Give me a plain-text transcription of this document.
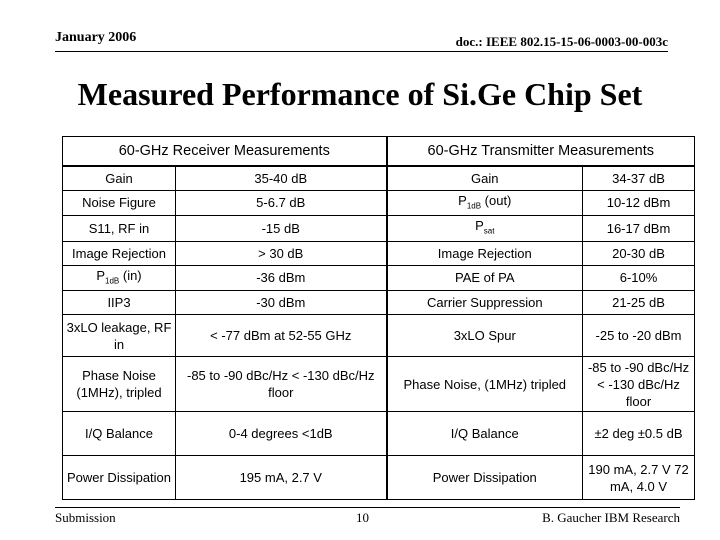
January 2006	doc.: IEEE 802.15-15-06-0003-00-003c
Measured Performance of Si.Ge Chip Set
60-GHz Receiver Measurements		60-GHz Transmitter Measurements	
Gain	35-40 dB	Gain	34-37 dB
Noise Figure	5-6.7 dB	$P_{1dB}$ (out)	10-12 dBm
S11, RF in	-15 dB	$P_{sat}$	16-17 dBm
Image Rejection	> 30 dB	Image Rejection	20-30 dB
$P_{1dB}$ (in)	-36 dBm	PAE of PA	6-10%
IIP3	-30 dBm	Carrier Suppression	21-25 dB
3xLO leakage, RF in	< -77 dBm at 52-55 GHz	3xLO Spur	-25 to -20 dBm
Phase Noise (1MHz), tripled	-85 to -90 dBc/Hz < -130 dBc/Hz floor	Phase Noise, (1MHz) tripled	-85 to -90 dBc/Hz < -130 dBc/Hz floor
I/Q Balance	0-4 degrees <1dB	I/Q Balance	±2 deg ±0.5 dB
Power Dissipation	195 mA, 2.7 V	Power Dissipation	190 mA, 2.7 V 72 mA, 4.0 V
Submission	10	B. Gaucher IBM Research
